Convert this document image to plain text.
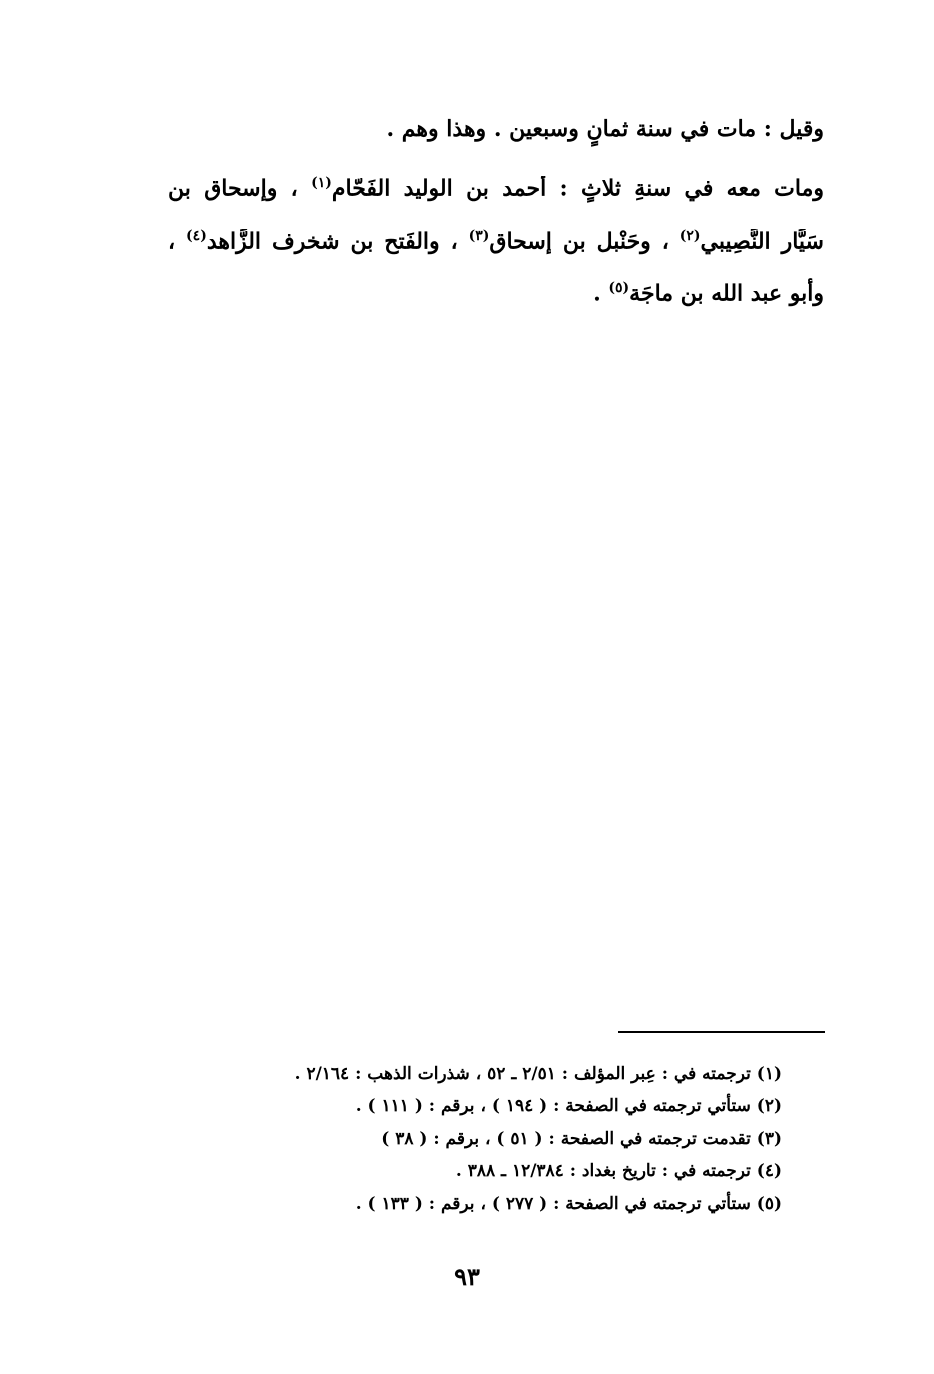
وقيل : مات في سنة ثمانٍ وسبعين . وهذا وهم .
ومات معه في سنةِ ثلاثٍ : أحمد بن الوليد الفَحّام$^{(١)}$ ، وإسحاق بن
سَيَّار النَّصِيبي$^{(٢)}$ ، وحَنْبل بن إسحاق$^{(٣)}$ ، والفَتح بن شخرف الزَّاهد$^{(٤)}$ ،
وأبو عبد الله بن ماجَة$^{(٥)}$ .
(١) ترجمته في : عِبر المؤلف : ٢/٥١ ـ ٥٢ ، شذرات الذهب : ٢/١٦٤ .
(٢) ستأتي ترجمته في الصفحة : ( ١٩٤ ) ، برقم : ( ١١١ ) .
(٣) تقدمت ترجمته في الصفحة : ( ٥١ ) ، برقم : ( ٣٨ )
(٤) ترجمته في : تاريخ بغداد : ١٢/٣٨٤ ـ ٣٨٨ .
(٥) ستأتي ترجمته في الصفحة : ( ٢٧٧ ) ، برقم : ( ١٣٣ ) .
٩٣
